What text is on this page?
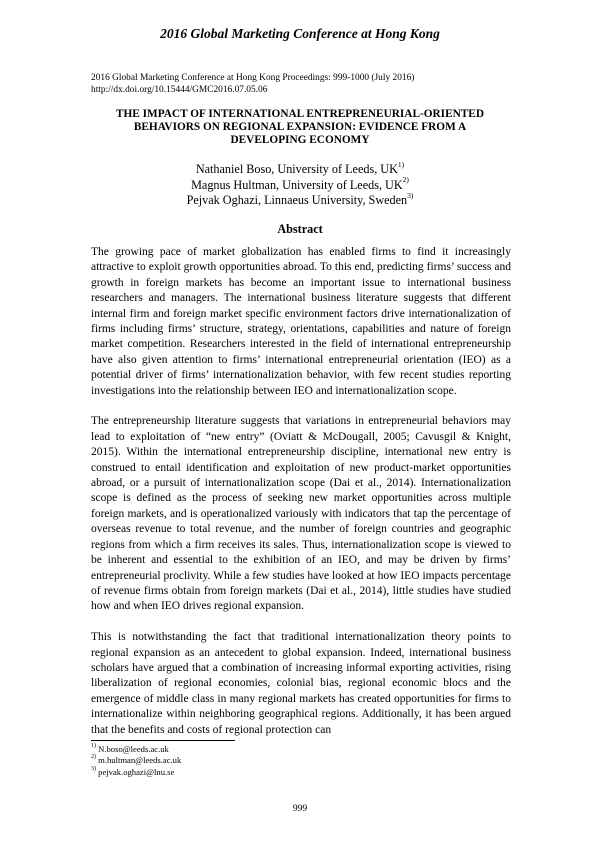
2016 Global Marketing Conference at Hong Kong
2016 Global Marketing Conference at Hong Kong Proceedings: 999-1000 (July 2016)
http://dx.doi.org/10.15444/GMC2016.07.05.06
THE IMPACT OF INTERNATIONAL ENTREPRENEURIAL-ORIENTED BEHAVIORS ON REGIONAL EXPANSION: EVIDENCE FROM A DEVELOPING ECONOMY
Nathaniel Boso, University of Leeds, UK$^{1)}$
Magnus Hultman, University of Leeds, UK$^{2)}$
Pejvak Oghazi, Linnaeus University, Sweden$^{3)}$
Abstract

The growing pace of market globalization has enabled firms to find it increasingly attractive to exploit growth opportunities abroad. To this end, predicting firms’ success and growth in foreign markets has become an important issue to international business researchers and managers. The international business literature suggests that different internal firm and foreign market specific environment factors drive internationalization of firms including firms’ structure, strategy, orientations, capabilities and nature of foreign market competition. Researchers interested in the field of international entrepreneurship have also given attention to firms’ international entrepreneurial orientation (IEO) as a potential driver of firms’ internationalization behavior, with few recent studies reporting investigations into the relationship between IEO and internationalization scope.

The entrepreneurship literature suggests that variations in entrepreneurial behaviors may lead to exploitation of “new entry” (Oviatt & McDougall, 2005; Cavusgil & Knight, 2015). Within the international entrepreneurship discipline, international new entry is construed to entail identification and exploitation of new product-market opportunities abroad, or a pursuit of internationalization scope (Dai et al., 2014). Internationalization scope is defined as the process of seeking new market opportunities across multiple foreign markets, and is operationalized variously with indicators that tap the percentage of overseas revenue to total revenue, and the number of foreign countries and geographic regions from which a firm receives its sales. Thus, internationalization scope is viewed to be inherent and essential to the exhibition of an IEO, and may be driven by firms’ entrepreneurial proclivity. While a few studies have looked at how IEO impacts percentage of revenue firms obtain from foreign markets (Dai et al., 2014), little studies have studied how and when IEO drives regional expansion.

This is notwithstanding the fact that traditional internationalization theory points to regional expansion as an antecedent to global expansion. Indeed, international business scholars have argued that a combination of increasing informal exporting activities, rising liberalization of regional economies, colonial bias, regional economic blocs and the emergence of middle class in many regional markets has created opportunities for firms to internationalize within neighboring geographical regions. Additionally, it has been argued that the benefits and costs of regional protection can

$^{1)}$ N.boso@leeds.ac.uk
$^{2)}$ m.hultman@leeds.ac.uk
$^{3)}$ pejvak.oghazi@lnu.se
999
